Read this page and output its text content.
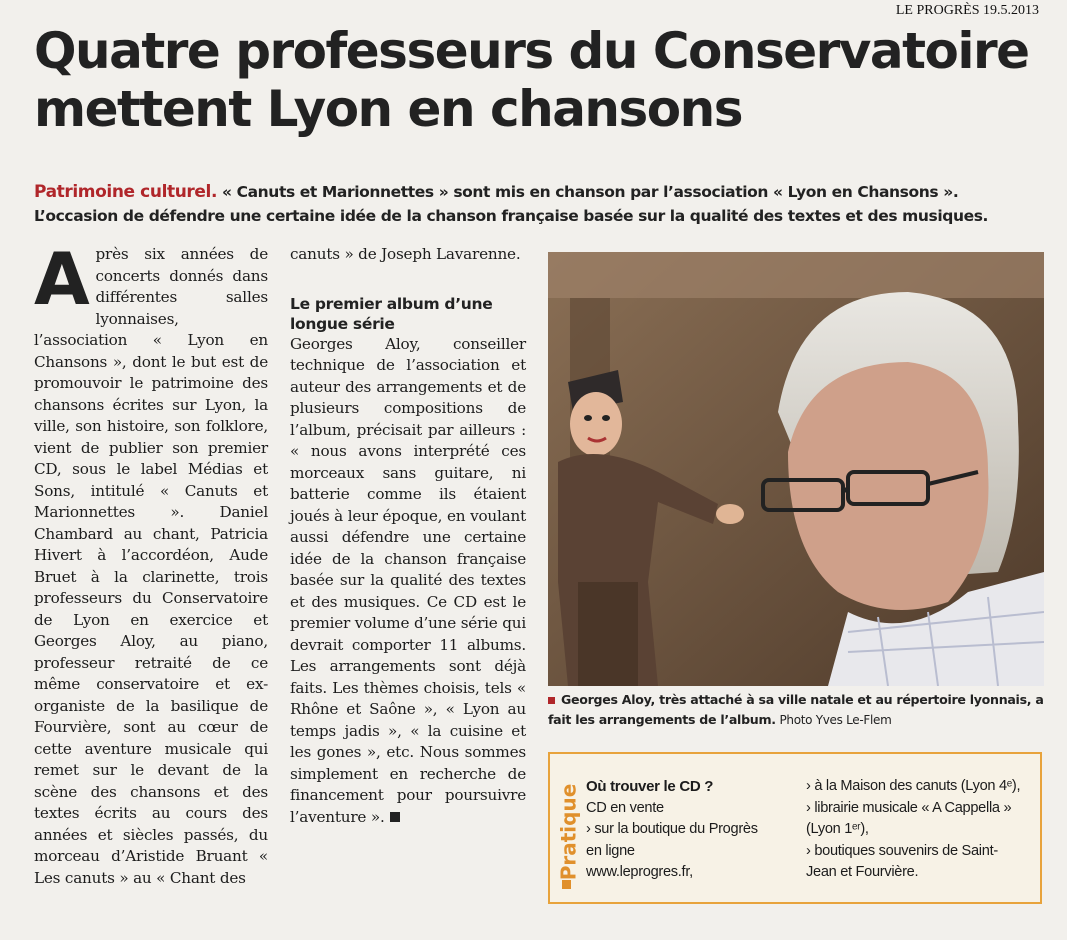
LE PROGRÈS 19.5.2013
Quatre professeurs du Conservatoire
mettent Lyon en chansons
Patrimoine culturel. « Canuts et Marionnettes » sont mis en chanson par l’association « Lyon en Chansons ». L’occasion de défendre une certaine idée de la chanson française basée sur la qualité des textes et des musiques.
A près six années de concerts donnés dans différentes salles lyonnaises, l’association « Lyon en Chansons », dont le but est de promouvoir le patrimoine des chansons écrites sur Lyon, la ville, son histoire, son folklore, vient de publier son premier CD, sous le label Médias et Sons, intitulé « Canuts et Marionnettes ». Daniel Chambard au chant, Patricia Hivert à l’accordéon, Aude Bruet à la clarinette, trois professeurs du Conservatoire de Lyon en exercice et Georges Aloy, au piano, professeur retraité de ce même conservatoire et ex-organiste de la basilique de Fourvière, sont au cœur de cette aventure musicale qui remet sur le devant de la scène des chansons et des textes écrits au cours des années et siècles passés, du morceau d’Aristide Bruant « Les canuts » au « Chant des
canuts » de Joseph Lavarenne.
Le premier album d’une longue série
Georges Aloy, conseiller technique de l’association et auteur des arrangements et de plusieurs compositions de l’album, précisait par ailleurs : « nous avons interprété ces morceaux sans guitare, ni batterie comme ils étaient joués à leur époque, en voulant aussi défendre une certaine idée de la chanson française basée sur la qualité des textes et des musiques. Ce CD est le premier volume d’une série qui devrait comporter 11 albums. Les arrangements sont déjà faits. Les thèmes choisis, tels « Rhône et Saône », « Lyon au temps jadis », « la cuisine et les gones », etc. Nous sommes simplement en recherche de financement pour poursuivre l’aventure ».
Georges Aloy, très attaché à sa ville natale et au répertoire lyonnais, a fait les arrangements de l’album. Photo Yves Le-Flem
Pratique Où trouver le CD ?
CD en vente
› sur la boutique du Progrès
en ligne
www.leprogres.fr,
› à la Maison des canuts (Lyon 4ᵉ),
› librairie musicale « A Cappella »
(Lyon 1ᵉʳ),
› boutiques souvenirs de Saint-
Jean et Fourvière.
